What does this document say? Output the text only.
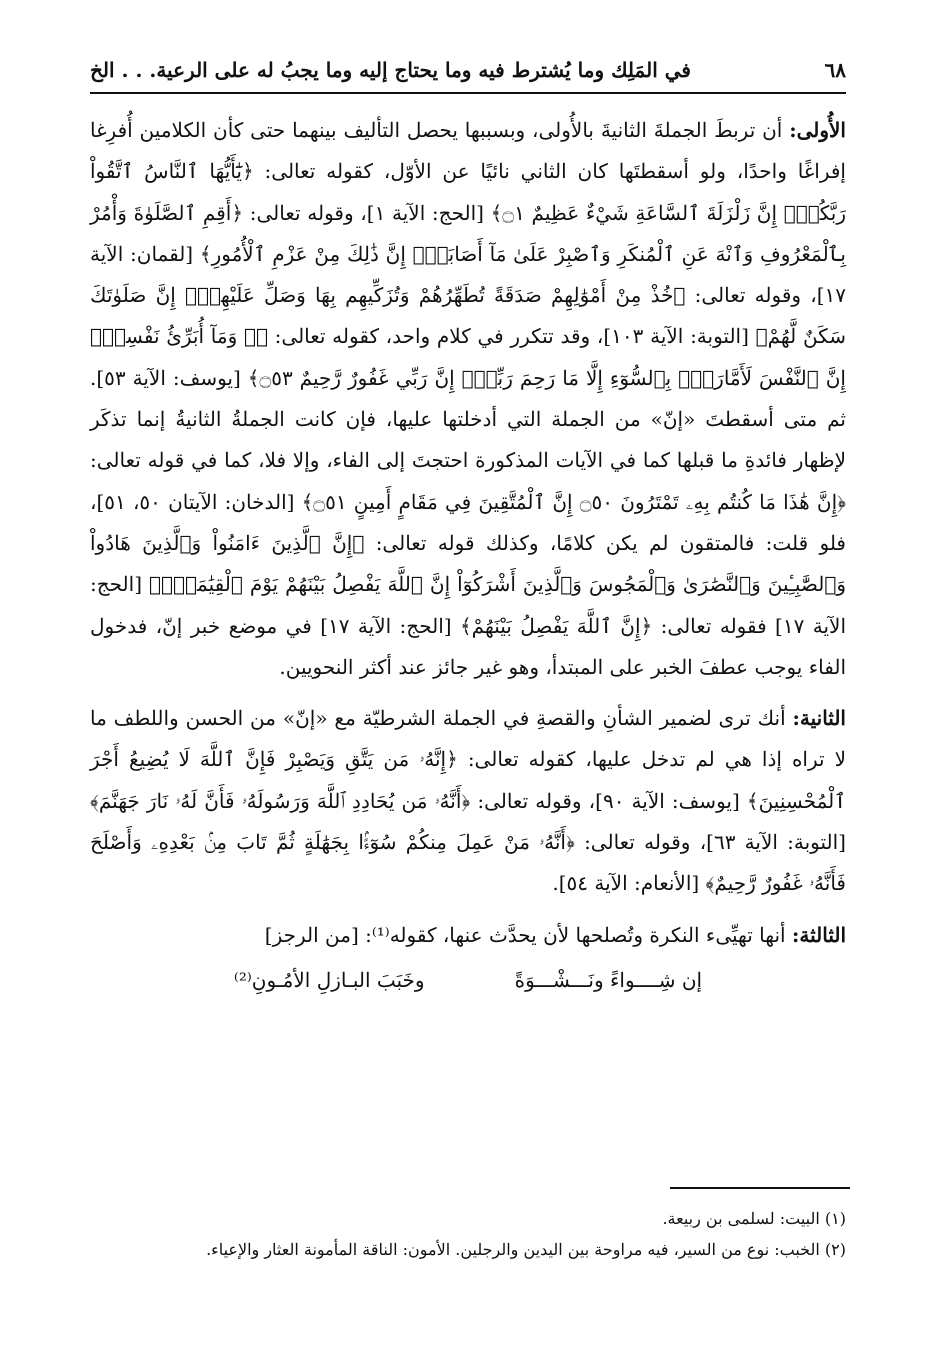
٦٨
في المَلِك وما يُشترط فيه وما يحتاج إليه وما يجبُ له على الرعية. . . الخ

الأُولى: أن تربطَ الجملةَ الثانيةَ بالأُولى، وبسببها يحصل التأليف بينهما حتى كأن الكلامين أُفرِغا إفراغًا واحدًا، ولو أسقطتَها كان الثاني نائيًا عن الأوّل، كقوله تعالى: ﴿يَٰٓأَيُّهَا ٱلنَّاسُ ٱتَّقُواْ رَبَّكُمْۚ إِنَّ زَلْزَلَةَ ٱلسَّاعَةِ شَيْءٌ عَظِيمٌ ۝١﴾ [الحج: الآية ١]، وقوله تعالى: ﴿أَقِمِ ٱلصَّلَوٰةَ وَأْمُرْ بِٱلْمَعْرُوفِ وَٱنْهَ عَنِ ٱلْمُنكَرِ وَٱصْبِرْ عَلَىٰ مَآ أَصَابَكَۖ إِنَّ ذَٰلِكَ مِنْ عَزْمِ ٱلْأُمُورِ﴾ [لقمان: الآية ١٧]، وقوله تعالى: ﴿خُذْ مِنْ أَمْوَٰلِهِمْ صَدَقَةً تُطَهِّرُهُمْ وَتُزَكِّيهِم بِهَا وَصَلِّ عَلَيْهِمْۖ إِنَّ صَلَوٰتَكَ سَكَنٌ لَّهُمْ﴾ [التوبة: الآية ١٠٣]، وقد تتكرر في كلام واحد، كقوله تعالى: ﴿۞ وَمَآ أُبَرِّئُ نَفْسِيٓۚ إِنَّ ٱلنَّفْسَ لَأَمَّارَةٌۢ بِٱلسُّوٓءِ إِلَّا مَا رَحِمَ رَبِّيٓۚ إِنَّ رَبِّي غَفُورٌ رَّحِيمٌ ۝٥٣﴾ [يوسف: الآية ٥٣]. ثم متى أسقطتَ «إنّ» من الجملة التي أدخلتها عليها، فإن كانت الجملةُ الثانيةُ إنما تذكَر لإظهار فائدةِ ما قبلها كما في الآيات المذكورة احتجتَ إلى الفاء، وإلا فلا، كما في قوله تعالى: ﴿إِنَّ هَٰذَا مَا كُنتُم بِهِۦ تَمْتَرُونَ ۝٥٠ إِنَّ ٱلْمُتَّقِينَ فِي مَقَامٍ أَمِينٍ ۝٥١﴾ [الدخان: الآيتان ٥٠، ٥١]، فلو قلت: فالمتقون لم يكن كلامًا، وكذلك قوله تعالى: ﴿إِنَّ ٱلَّذِينَ ءَامَنُواْ وَٱلَّذِينَ هَادُواْ وَٱلصَّٰبِـِٔينَ وَٱلنَّصَٰرَىٰ وَٱلْمَجُوسَ وَٱلَّذِينَ أَشْرَكُوٓاْ إِنَّ ٱللَّهَ يَفْصِلُ بَيْنَهُمْ يَوْمَ ٱلْقِيَٰمَةِۚ﴾ [الحج: الآية ١٧] فقوله تعالى: ﴿إِنَّ ٱللَّهَ يَفْصِلُ بَيْنَهُمْ﴾ [الحج: الآية ١٧] في موضع خبر إنّ، فدخول الفاء يوجب عطفَ الخبر على المبتدأ، وهو غير جائز عند أكثر النحويين.

الثانية: أنك ترى لضمير الشأنِ والقصةِ في الجملة الشرطيّة مع «إنّ» من الحسن واللطف ما لا تراه إذا هي لم تدخل عليها، كقوله تعالى: ﴿إِنَّهُۥ مَن يَتَّقِ وَيَصْبِرْ فَإِنَّ ٱللَّهَ لَا يُضِيعُ أَجْرَ ٱلْمُحْسِنِينَ﴾ [يوسف: الآية ٩٠]، وقوله تعالى: ﴿أَنَّهُۥ مَن يُحَادِدِ ٱللَّهَ وَرَسُولَهُۥ فَأَنَّ لَهُۥ نَارَ جَهَنَّمَ﴾ [التوبة: الآية ٦٣]، وقوله تعالى: ﴿أَنَّهُۥ مَنْ عَمِلَ مِنكُمْ سُوٓءًۢا بِجَهَٰلَةٍ ثُمَّ تَابَ مِنۢ بَعْدِهِۦ وَأَصْلَحَ فَأَنَّهُۥ غَفُورٌ رَّحِيمٌ﴾ [الأنعام: الآية ٥٤].

الثالثة: أنها تهيِّىء النكرة وتُصلحها لأن يحدَّث عنها، كقوله⁽¹⁾: [من الرجز]

إن شِــــواءً ونَـــشْـــوَةً
وخَبَبَ البـازلِ الأمُـونِ⁽²⁾

(١) البيت: لسلمى بن ربيعة.

(٢) الخبب: نوع من السير، فيه مراوحة بين اليدين والرجلين. الأمون: الناقة المأمونة العثار والإعياء.
